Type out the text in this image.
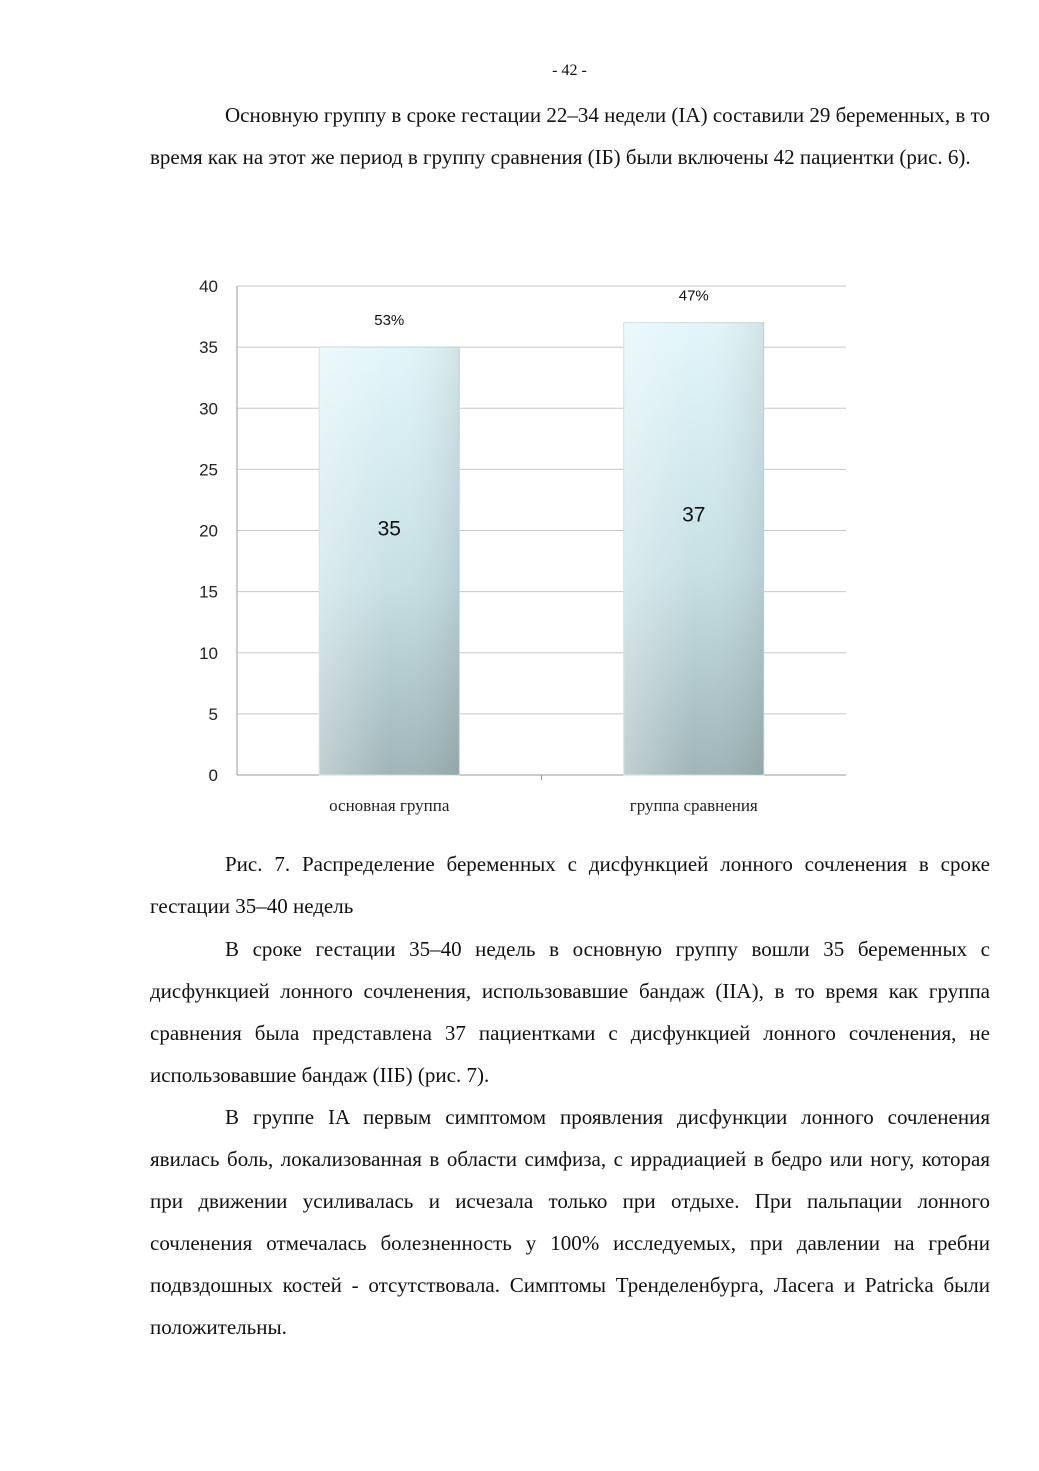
- 42 -

Основную группу в сроке гестации 22–34 недели (IA) составили 29 беременных, в то время как на этот же период в группу сравнения (IБ) были включены 42 пациентки (рис. 6).

0
5
10
15
20
25
30
35
40
35
53%
основная группа
37
47%
группа сравнения

Рис. 7. Распределение беременных с дисфункцией лонного сочленения в сроке гестации 35–40 недель

В сроке гестации 35–40 недель в основную группу вошли 35 беременных с дисфункцией лонного сочленения, использовавшие бандаж (IIA), в то время как группа сравнения была представлена 37 пациентками с дисфункцией лонного сочленения, не использовавшие бандаж (IIБ) (рис. 7).

В группе IA первым симптомом проявления дисфункции лонного сочленения явилась боль, локализованная в области симфиза, с иррадиацией в бедро или ногу, которая при движении усиливалась и исчезала только при отдыхе. При пальпации лонного сочленения отмечалась болезненность у 100% исследуемых, при давлении на гребни подвздошных костей - отсутствовала. Симптомы Тренделенбурга, Ласега и Patricka были положительны.
